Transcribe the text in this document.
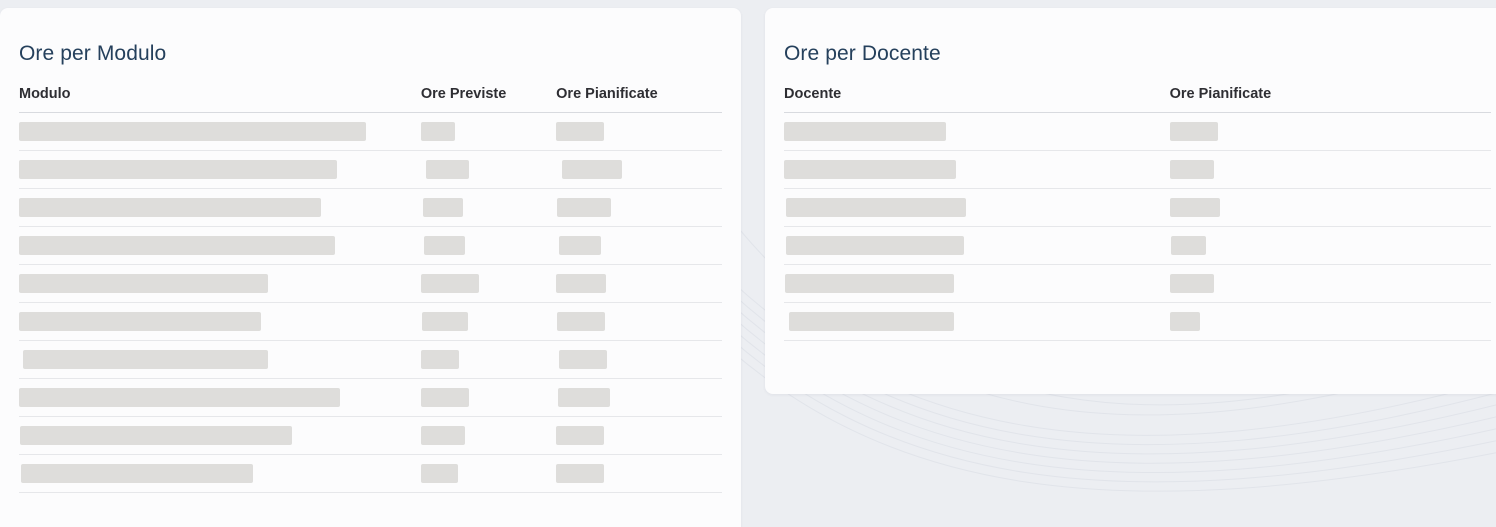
Ore per Modulo
Modulo	Ore Previste	Ore Pianificate

Ore per Docente
Docente	Ore Pianificate
